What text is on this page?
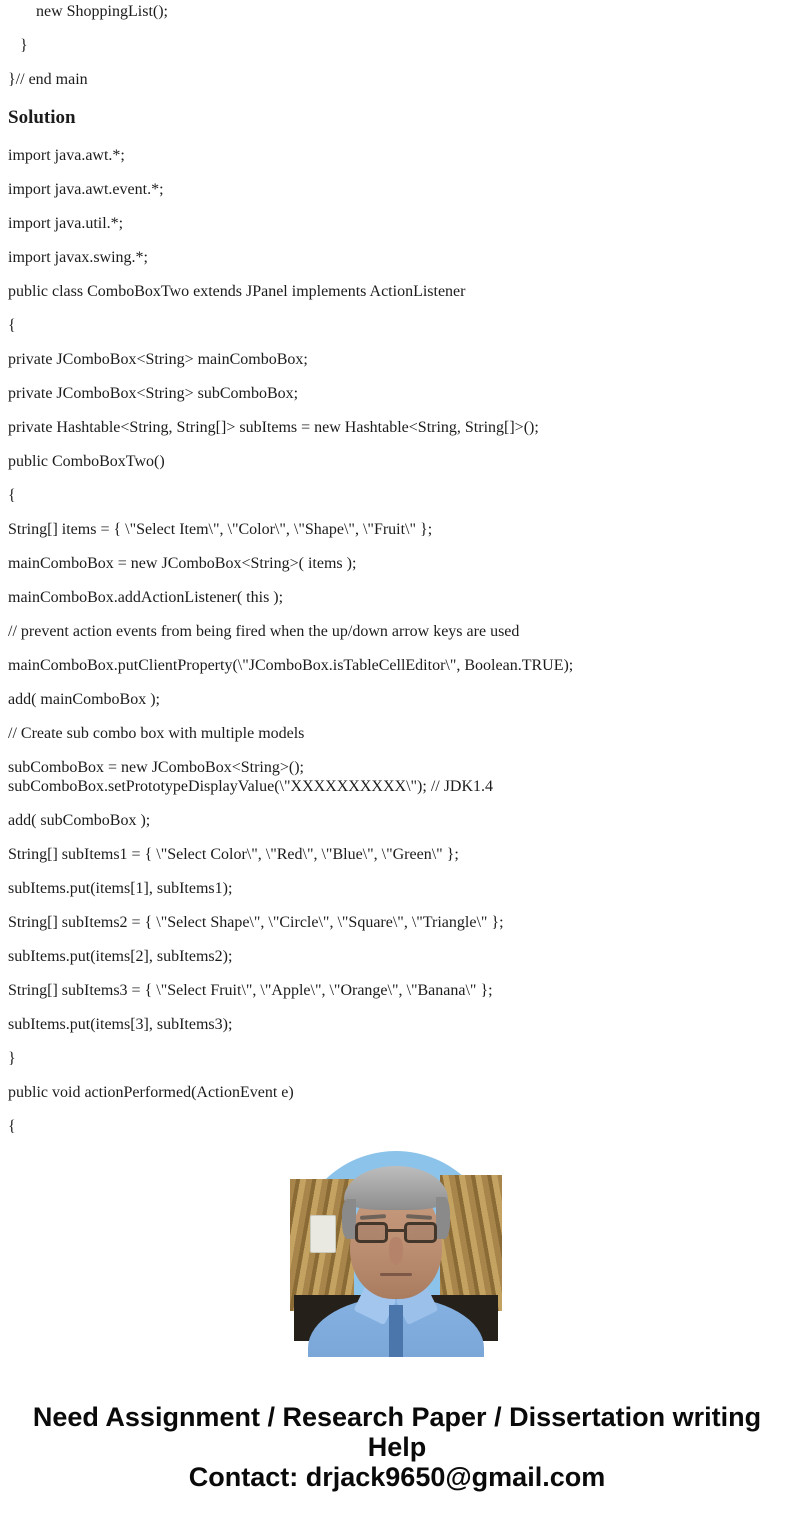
new ShoppingList();

}

}// end main

Solution

import java.awt.*;

import java.awt.event.*;

import java.util.*;

import javax.swing.*;

public class ComboBoxTwo extends JPanel implements ActionListener

{

private JComboBox<String> mainComboBox;

private JComboBox<String> subComboBox;

private Hashtable<String, String[]> subItems = new Hashtable<String, String[]>();

public ComboBoxTwo()

{

String[] items = { \"Select Item\", \"Color\", \"Shape\", \"Fruit\" };

mainComboBox = new JComboBox<String>( items );

mainComboBox.addActionListener( this );

// prevent action events from being fired when the up/down arrow keys are used

mainComboBox.putClientProperty(\"JComboBox.isTableCellEditor\", Boolean.TRUE);

add( mainComboBox );

// Create sub combo box with multiple models

subComboBox = new JComboBox<String>();

subComboBox.setPrototypeDisplayValue(\"XXXXXXXXXX\"); // JDK1.4

add( subComboBox );

String[] subItems1 = { \"Select Color\", \"Red\", \"Blue\", \"Green\" };

subItems.put(items[1], subItems1);

String[] subItems2 = { \"Select Shape\", \"Circle\", \"Square\", \"Triangle\" };

subItems.put(items[2], subItems2);

String[] subItems3 = { \"Select Fruit\", \"Apple\", \"Orange\", \"Banana\" };

subItems.put(items[3], subItems3);

}

public void actionPerformed(ActionEvent e)

{

Need Assignment / Research Paper / Dissertation writing Help

Contact: drjack9650@gmail.com
